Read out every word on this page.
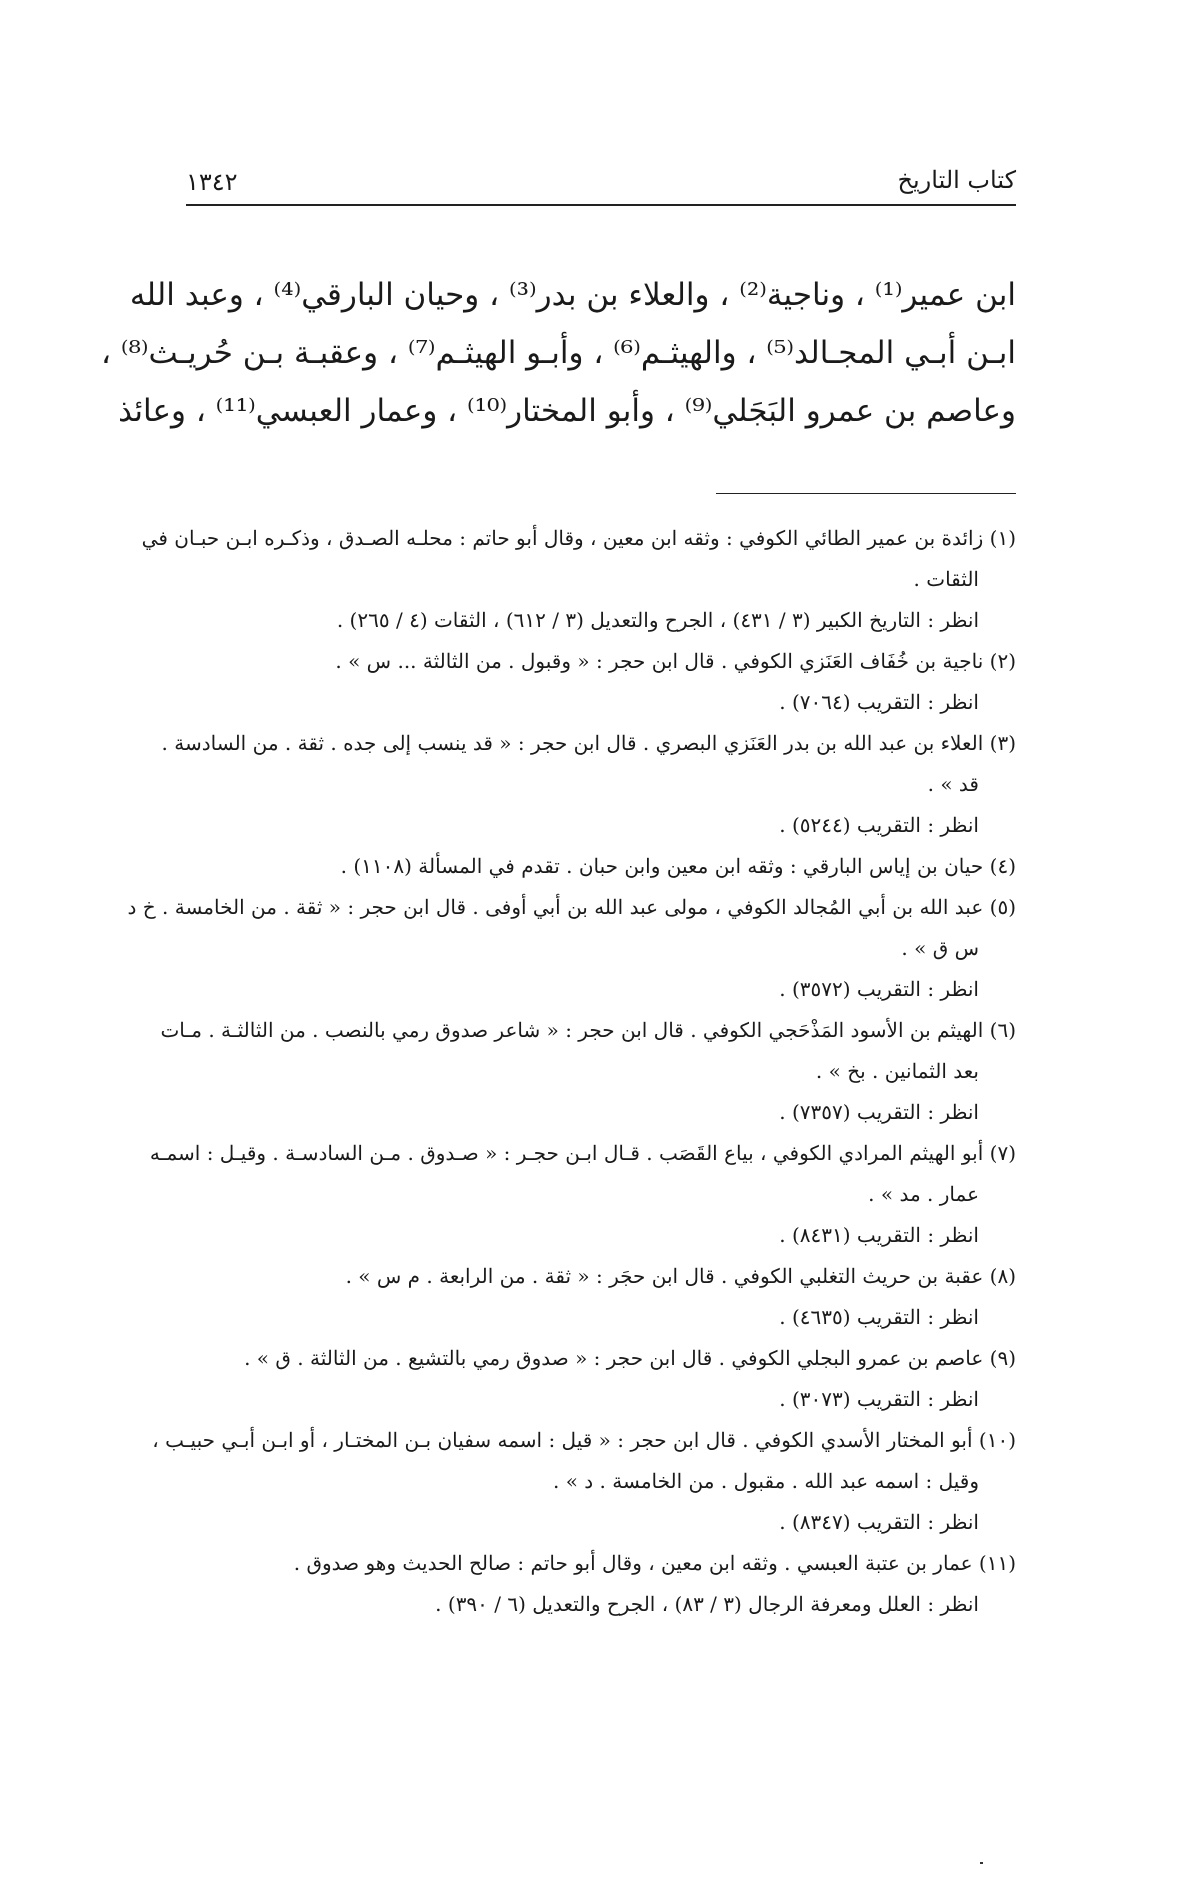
كتاب التاريخ
١٣٤٢
ابن عمير⁽¹⁾ ، وناجية⁽²⁾ ، والعلاء بن بدر⁽³⁾ ، وحيان البارقي⁽⁴⁾ ، وعبد الله
ابـن أبـي المجـالد⁽⁵⁾ ، والهيثـم⁽⁶⁾ ، وأبـو الهيثـم⁽⁷⁾ ، وعقبـة بـن حُريـث⁽⁸⁾ ،
وعاصم بن عمرو البَجَلي⁽⁹⁾ ، وأبو المختار⁽¹⁰⁾ ، وعمار العبسي⁽¹¹⁾ ، وعائذ
(١) زائدة بن عمير الطائي الكوفي : وثقه ابن معين ، وقال أبو حاتم : محلـه الصـدق ، وذكـره ابـن حبـان في
الثقات .
انظر : التاريخ الكبير (٣ / ٤٣١) ، الجرح والتعديل (٣ / ٦١٢) ، الثقات (٤ / ٢٦٥) .
(٢) ناجية بن خُفَاف العَنَزي الكوفي . قال ابن حجر : « وقبول . من الثالثة ... س » .
انظر : التقريب (٧٠٦٤) .
(٣) العلاء بن عبد الله بن بدر العَنَزي البصري . قال ابن حجر : « قد ينسب إلى جده . ثقة . من السادسة .
قد » .
انظر : التقريب (٥٢٤٤) .
(٤) حيان بن إياس البارقي : وثقه ابن معين وابن حبان . تقدم في المسألة (١١٠٨) .
(٥) عبد الله بن أبي المُجالد الكوفي ، مولى عبد الله بن أبي أوفى . قال ابن حجر : « ثقة . من الخامسة . خ د
س ق » .
انظر : التقريب (٣٥٧٢) .
(٦) الهيثم بن الأسود المَذْحَجي الكوفي . قال ابن حجر : « شاعر صدوق رمي بالنصب . من الثالثـة . مـات
بعد الثمانين . بخ » .
انظر : التقريب (٧٣٥٧) .
(٧) أبو الهيثم المرادي الكوفي ، بياع القَصَب . قـال ابـن حجـر : « صـدوق . مـن السادسـة . وقيـل : اسمـه
عمار . مد » .
انظر : التقريب (٨٤٣١) .
(٨) عقبة بن حريث التغلبي الكوفي . قال ابن حجَر : « ثقة . من الرابعة . م س » .
انظر : التقريب (٤٦٣٥) .
(٩) عاصم بن عمرو البجلي الكوفي . قال ابن حجر : « صدوق رمي بالتشيع . من الثالثة . ق » .
انظر : التقريب (٣٠٧٣) .
(١٠) أبو المختار الأسدي الكوفي . قال ابن حجر : « قيل : اسمه سفيان بـن المختـار ، أو ابـن أبـي حبيـب ،
وقيل : اسمه عبد الله . مقبول . من الخامسة . د » .
انظر : التقريب (٨٣٤٧) .
(١١) عمار بن عتبة العبسي . وثقه ابن معين ، وقال أبو حاتم : صالح الحديث وهو صدوق .
انظر : العلل ومعرفة الرجال (٣ / ٨٣) ، الجرح والتعديل (٦ / ٣٩٠) .
